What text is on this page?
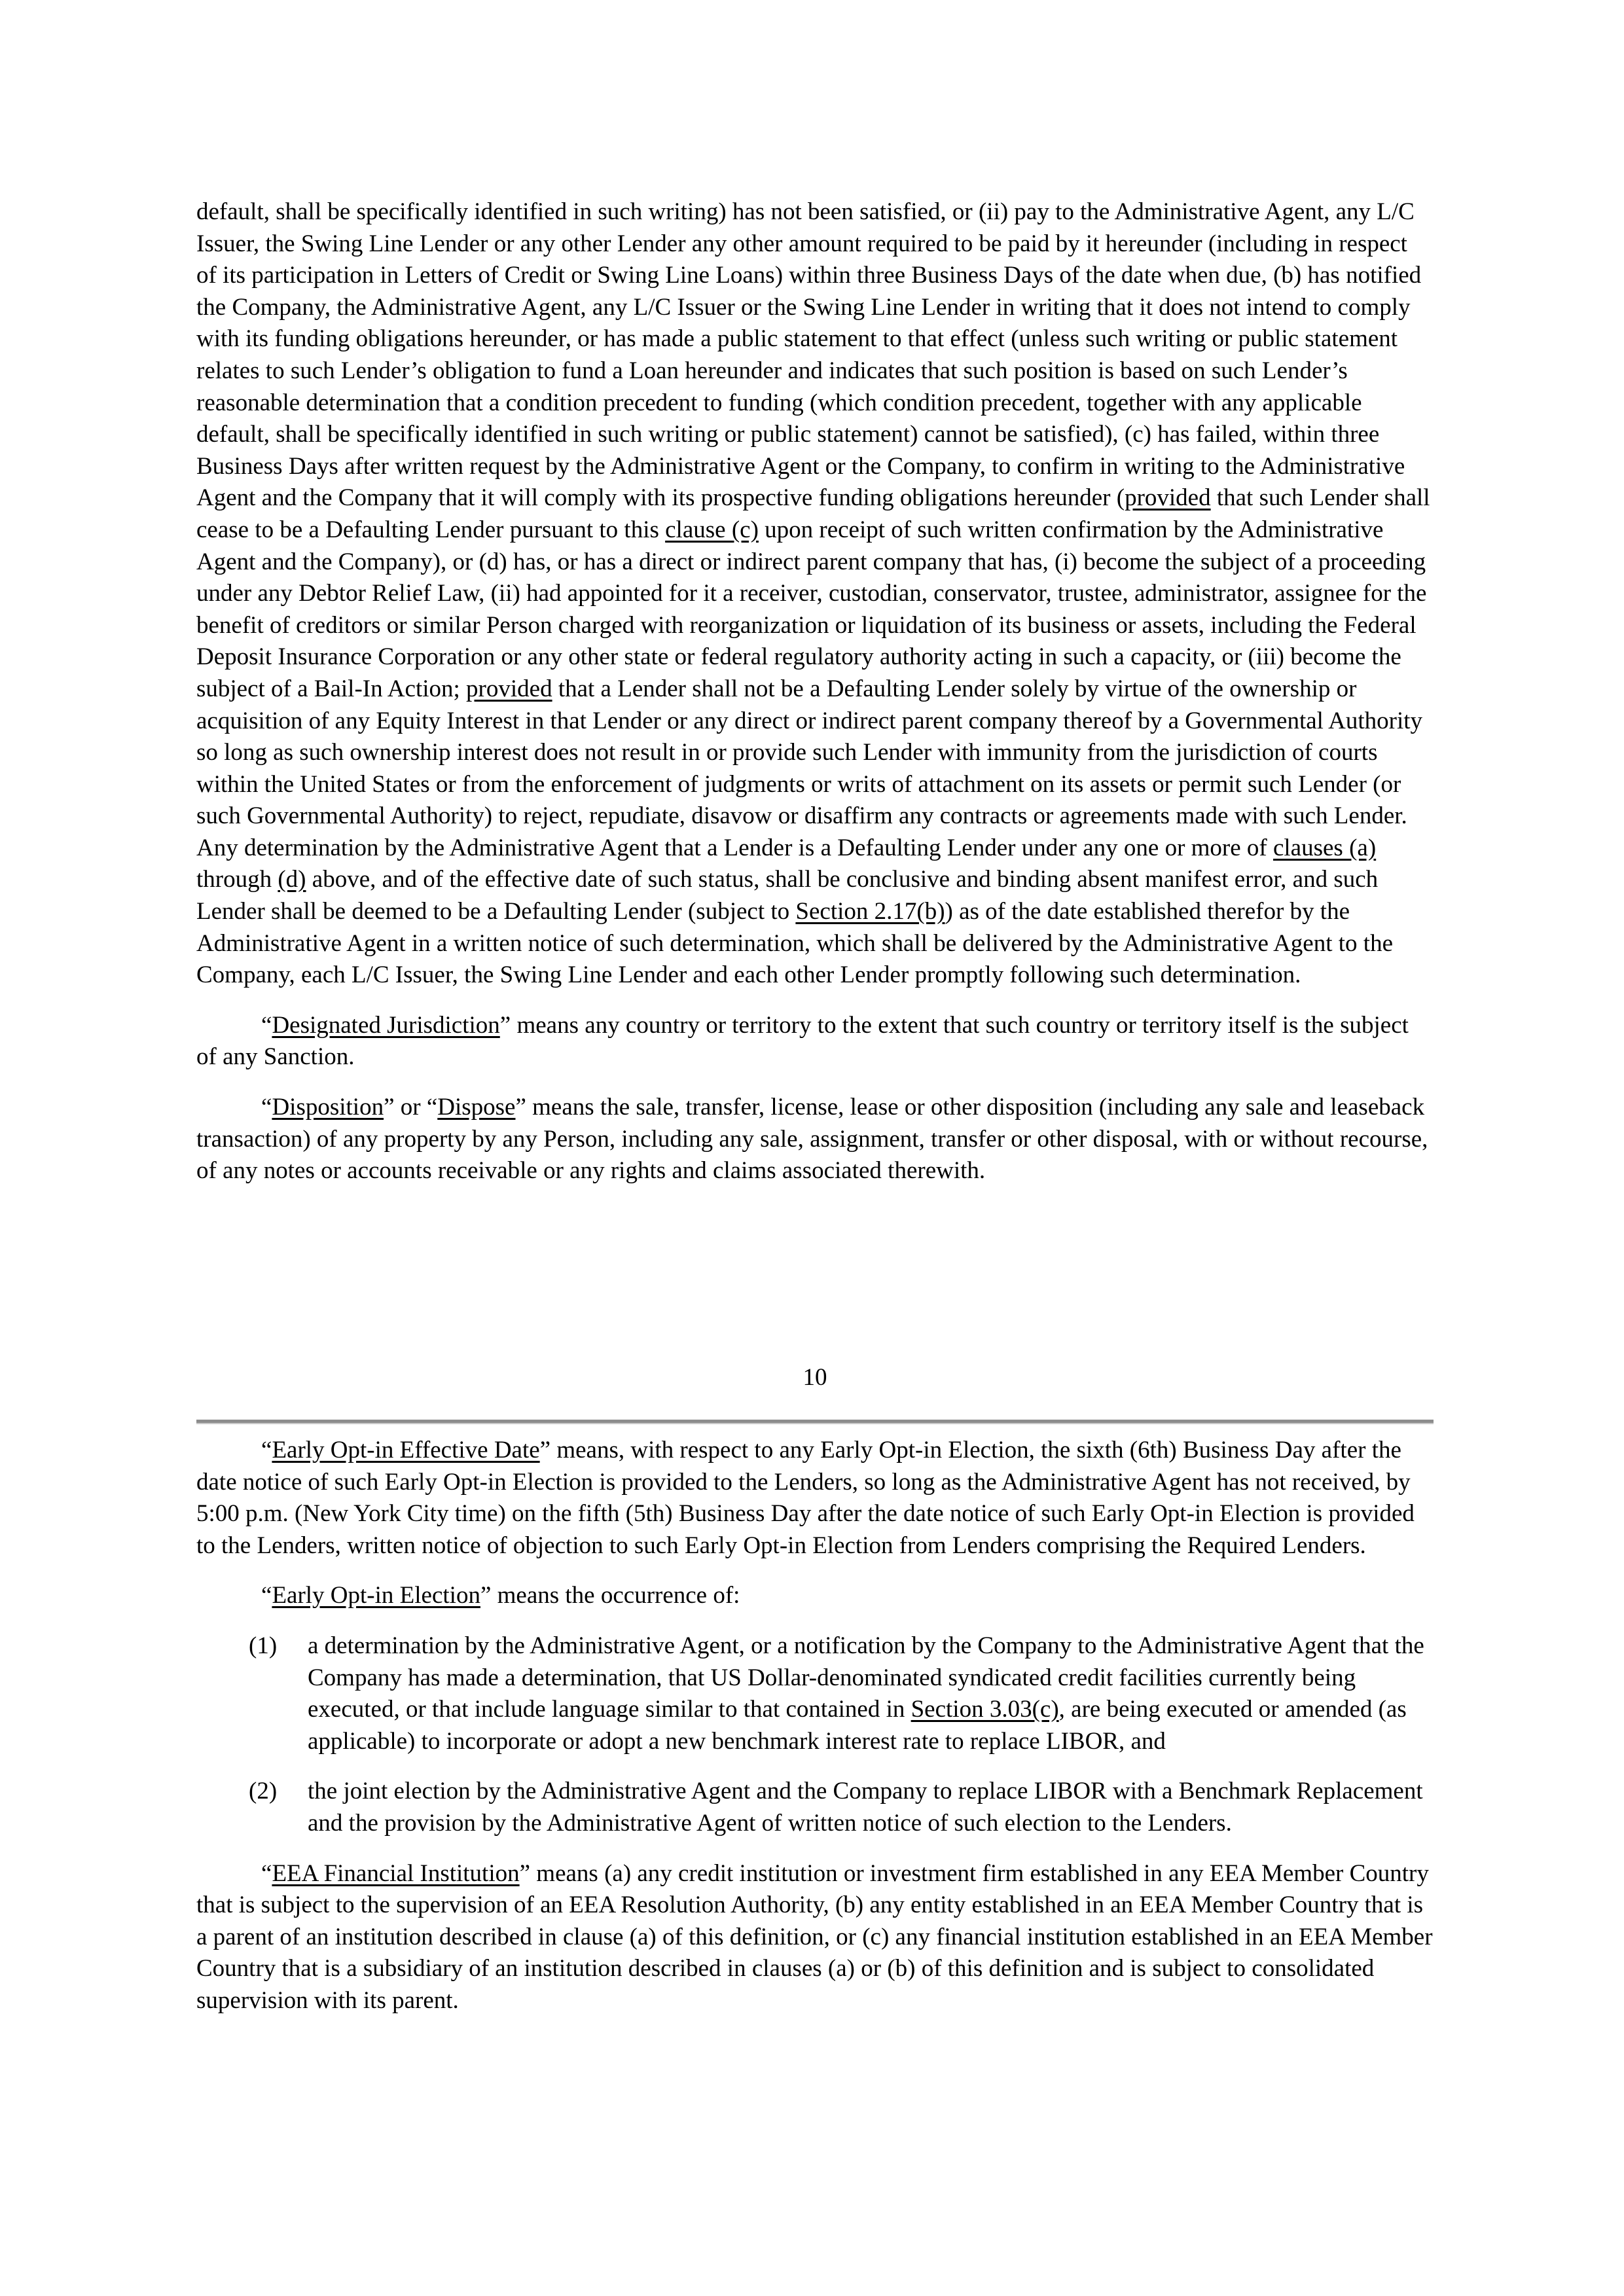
default, shall be specifically identified in such writing) has not been satisfied, or (ii) pay to the Administrative Agent, any L/C Issuer, the Swing Line Lender or any other Lender any other amount required to be paid by it hereunder (including in respect of its participation in Letters of Credit or Swing Line Loans) within three Business Days of the date when due, (b) has notified the Company, the Administrative Agent, any L/C Issuer or the Swing Line Lender in writing that it does not intend to comply with its funding obligations hereunder, or has made a public statement to that effect (unless such writing or public statement relates to such Lender’s obligation to fund a Loan hereunder and indicates that such position is based on such Lender’s reasonable determination that a condition precedent to funding (which condition precedent, together with any applicable default, shall be specifically identified in such writing or public statement) cannot be satisfied), (c) has failed, within three Business Days after written request by the Administrative Agent or the Company, to confirm in writing to the Administrative Agent and the Company that it will comply with its prospective funding obligations hereunder (provided that such Lender shall cease to be a Defaulting Lender pursuant to this clause (c) upon receipt of such written confirmation by the Administrative Agent and the Company), or (d) has, or has a direct or indirect parent company that has, (i) become the subject of a proceeding under any Debtor Relief Law, (ii) had appointed for it a receiver, custodian, conservator, trustee, administrator, assignee for the benefit of creditors or similar Person charged with reorganization or liquidation of its business or assets, including the Federal Deposit Insurance Corporation or any other state or federal regulatory authority acting in such a capacity, or (iii) become the subject of a Bail-In Action; provided that a Lender shall not be a Defaulting Lender solely by virtue of the ownership or acquisition of any Equity Interest in that Lender or any direct or indirect parent company thereof by a Governmental Authority so long as such ownership interest does not result in or provide such Lender with immunity from the jurisdiction of courts within the United States or from the enforcement of judgments or writs of attachment on its assets or permit such Lender (or such Governmental Authority) to reject, repudiate, disavow or disaffirm any contracts or agreements made with such Lender. Any determination by the Administrative Agent that a Lender is a Defaulting Lender under any one or more of clauses (a) through (d) above, and of the effective date of such status, shall be conclusive and binding absent manifest error, and such Lender shall be deemed to be a Defaulting Lender (subject to Section 2.17(b)) as of the date established therefor by the Administrative Agent in a written notice of such determination, which shall be delivered by the Administrative Agent to the Company, each L/C Issuer, the Swing Line Lender and each other Lender promptly following such determination.

“Designated Jurisdiction” means any country or territory to the extent that such country or territory itself is the subject of any Sanction.

“Disposition” or “Dispose” means the sale, transfer, license, lease or other disposition (including any sale and leaseback transaction) of any property by any Person, including any sale, assignment, transfer or other disposal, with or without recourse, of any notes or accounts receivable or any rights and claims associated therewith.

10

“Early Opt-in Effective Date” means, with respect to any Early Opt-in Election, the sixth (6th) Business Day after the date notice of such Early Opt-in Election is provided to the Lenders, so long as the Administrative Agent has not received, by 5:00 p.m. (New York City time) on the fifth (5th) Business Day after the date notice of such Early Opt-in Election is provided to the Lenders, written notice of objection to such Early Opt-in Election from Lenders comprising the Required Lenders.

“Early Opt-in Election” means the occurrence of:

(1) a determination by the Administrative Agent, or a notification by the Company to the Administrative Agent that the Company has made a determination, that US Dollar-denominated syndicated credit facilities currently being executed, or that include language similar to that contained in Section 3.03(c), are being executed or amended (as applicable) to incorporate or adopt a new benchmark interest rate to replace LIBOR, and

(2) the joint election by the Administrative Agent and the Company to replace LIBOR with a Benchmark Replacement and the provision by the Administrative Agent of written notice of such election to the Lenders.

“EEA Financial Institution” means (a) any credit institution or investment firm established in any EEA Member Country that is subject to the supervision of an EEA Resolution Authority, (b) any entity established in an EEA Member Country that is a parent of an institution described in clause (a) of this definition, or (c) any financial institution established in an EEA Member Country that is a subsidiary of an institution described in clauses (a) or (b) of this definition and is subject to consolidated supervision with its parent.
